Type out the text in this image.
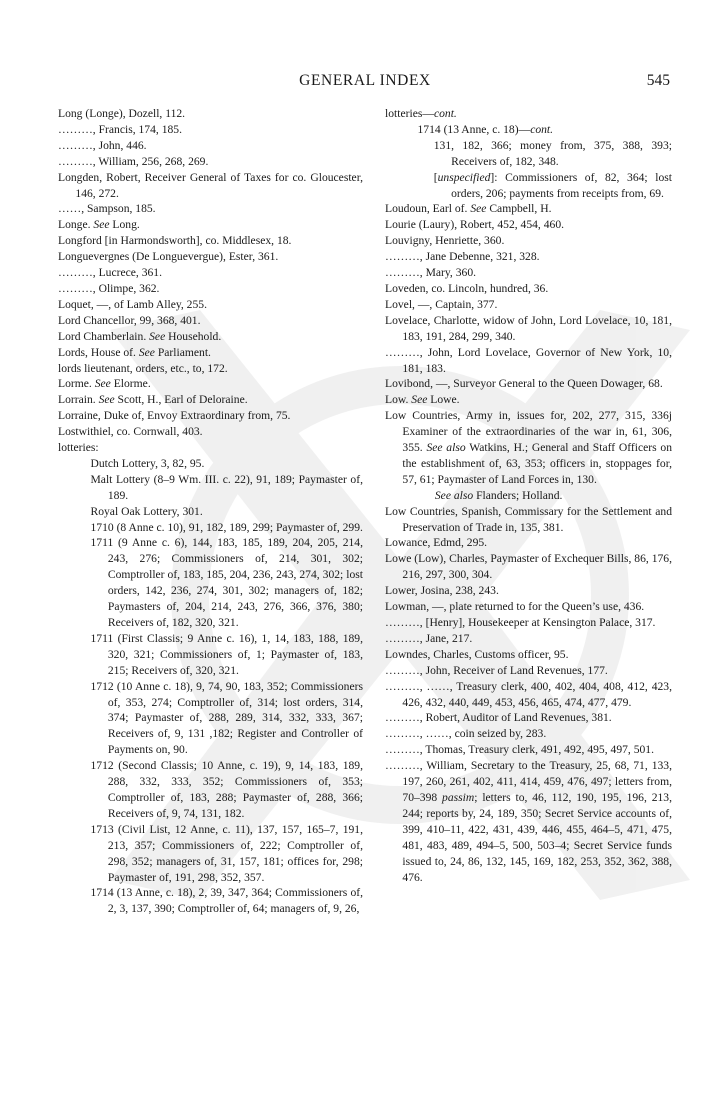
GENERAL INDEX	545
Long (Longe), Dozell, 112.
………, Francis, 174, 185.
………, John, 446.
………, William, 256, 268, 269.
Longden, Robert, Receiver General of Taxes for co. Gloucester, 146, 272.
……, Sampson, 185.
Longe. See Long.
Longford [in Harmondsworth], co. Middlesex, 18.
Longuevergnes (De Longuevergue), Ester, 361.
………, Lucrece, 361.
………, Olimpe, 362.
Loquet, —, of Lamb Alley, 255.
Lord Chancellor, 99, 368, 401.
Lord Chamberlain. See Household.
Lords, House of. See Parliament.
lords lieutenant, orders, etc., to, 172.
Lorme. See Elorme.
Lorrain. See Scott, H., Earl of Deloraine.
Lorraine, Duke of, Envoy Extraordinary from, 75.
Lostwithiel, co. Cornwall, 403.
lotteries:
Dutch Lottery, 3, 82, 95.
Malt Lottery (8–9 Wm. III. c. 22), 91, 189; Paymaster of, 189.
Royal Oak Lottery, 301.
1710 (8 Anne c. 10), 91, 182, 189, 299; Paymaster of, 299.
1711 (9 Anne c. 6), 144, 183, 185, 189, 204, 205, 214, 243, 276; Commissioners of, 214, 301, 302; Comptroller of, 183, 185, 204, 236, 243, 274, 302; lost orders, 142, 236, 274, 301, 302; managers of, 182; Paymasters of, 204, 214, 243, 276, 366, 376, 380; Receivers of, 182, 320, 321.
1711 (First Classis; 9 Anne c. 16), 1, 14, 183, 188, 189, 320, 321; Commissioners of, 1; Paymaster of, 183, 215; Receivers of, 320, 321.
1712 (10 Anne c. 18), 9, 74, 90, 183, 352; Commissioners of, 353, 274; Comptroller of, 314; lost orders, 314, 374; Paymaster of, 288, 289, 314, 332, 333, 367; Receivers of, 9, 131 ,182; Register and Controller of Payments on, 90.
1712 (Second Classis; 10 Anne, c. 19), 9, 14, 183, 189, 288, 332, 333, 352; Commissioners of, 353; Comptroller of, 183, 288; Paymaster of, 288, 366; Receivers of, 9, 74, 131, 182.
1713 (Civil List, 12 Anne, c. 11), 137, 157, 165–7, 191, 213, 357; Commissioners of, 222; Comptroller of, 298, 352; managers of, 31, 157, 181; offices for, 298; Paymaster of, 191, 298, 352, 357.
1714 (13 Anne, c. 18), 2, 39, 347, 364; Commissioners of, 2, 3, 137, 390; Comptroller of, 64; managers of, 9, 26,
lotteries—cont.
1714 (13 Anne, c. 18)—cont.
131, 182, 366; money from, 375, 388, 393; Receivers of, 182, 348.
[unspecified]: Commissioners of, 82, 364; lost orders, 206; payments from receipts from, 69.
Loudoun, Earl of. See Campbell, H.
Lourie (Laury), Robert, 452, 454, 460.
Louvigny, Henriette, 360.
………, Jane Debenne, 321, 328.
………, Mary, 360.
Loveden, co. Lincoln, hundred, 36.
Lovel, —, Captain, 377.
Lovelace, Charlotte, widow of John, Lord Lovelace, 10, 181, 183, 191, 284, 299, 340.
………, John, Lord Lovelace, Governor of New York, 10, 181, 183.
Lovibond, —, Surveyor General to the Queen Dowager, 68.
Low. See Lowe.
Low Countries, Army in, issues for, 202, 277, 315, 336j Examiner of the extraordinaries of the war in, 61, 306, 355. See also Watkins, H.; General and Staff Officers on the establishment of, 63, 353; officers in, stoppages for, 57, 61; Paymaster of Land Forces in, 130.
See also Flanders; Holland.
Low Countries, Spanish, Commissary for the Settlement and Preservation of Trade in, 135, 381.
Lowance, Edmd, 295.
Lowe (Low), Charles, Paymaster of Exchequer Bills, 86, 176, 216, 297, 300, 304.
Lower, Josina, 238, 243.
Lowman, —, plate returned to for the Queen’s use, 436.
………, [Henry], Housekeeper at Kensington Palace, 317.
………, Jane, 217.
Lowndes, Charles, Customs officer, 95.
………, John, Receiver of Land Revenues, 177.
………, ……, Treasury clerk, 400, 402, 404, 408, 412, 423, 426, 432, 440, 449, 453, 456, 465, 474, 477, 479.
………, Robert, Auditor of Land Revenues, 381.
………, ……, coin seized by, 283.
………, Thomas, Treasury clerk, 491, 492, 495, 497, 501.
………, William, Secretary to the Treasury, 25, 68, 71, 133, 197, 260, 261, 402, 411, 414, 459, 476, 497; letters from, 70–398 passim; letters to, 46, 112, 190, 195, 196, 213, 244; reports by, 24, 189, 350; Secret Service accounts of, 399, 410–11, 422, 431, 439, 446, 455, 464–5, 471, 475, 481, 483, 489, 494–5, 500, 503–4; Secret Service funds issued to, 24, 86, 132, 145, 169, 182, 253, 352, 362, 388, 476.
